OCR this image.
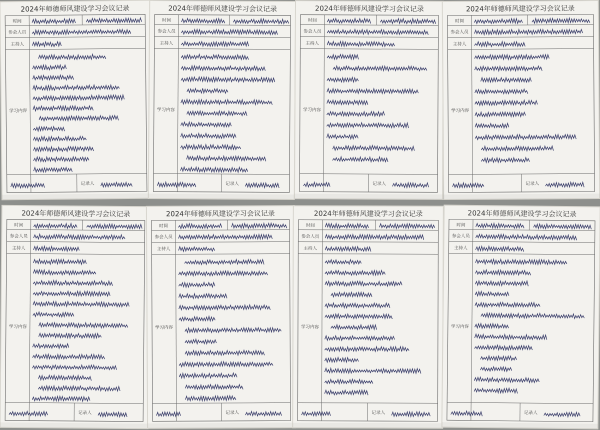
2024年师德师风建设学习会议记录
时间
参会人员
主持人
学习内容
记录人
2024年师德师风建设学习会议记录
时间
参会人员
主持人
学习内容
记录人
2024年师德师风建设学习会议记录
时间
参会人员
主持人
学习内容
记录人
2024年师德师风建设学习会议记录
时间
参会人员
主持人
学习内容
记录人
2024年师德师风建设学习会议记录
时间
参会人员
主持人
学习内容
记录人
2024年师德师风建设学习会议记录
时间
参会人员
主持人
学习内容
记录人
2024年师德师风建设学习会议记录
时间
参会人员
主持人
学习内容
记录人
2024年师德师风建设学习会议记录
时间
参会人员
主持人
学习内容
记录人
